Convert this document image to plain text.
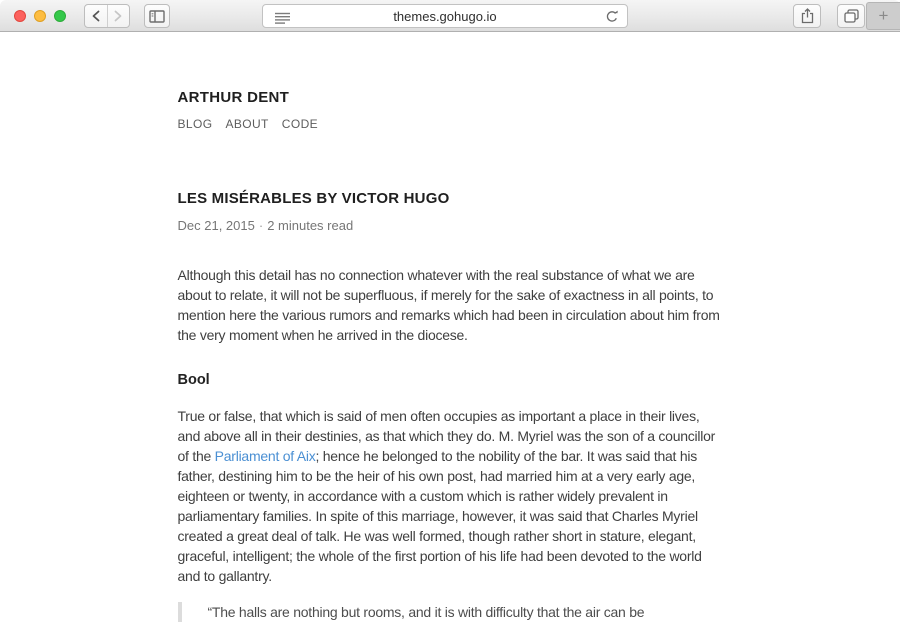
themes.gohugo.io	+
ARTHUR DENT
BLOG ABOUT CODE
LES MISÉRABLES BY VICTOR HUGO
Dec 21, 2015 · 2 minutes read

Although this detail has no connection whatever with the real substance of what we are about to relate, it will not be superfluous, if merely for the sake of exactness in all points, to mention here the various rumors and remarks which had been in circulation about him from the very moment when he arrived in the diocese.

Bool

True or false, that which is said of men often occupies as important a place in their lives, and above all in their destinies, as that which they do. M. Myriel was the son of a councillor of the Parliament of Aix; hence he belonged to the nobility of the bar. It was said that his father, destining him to be the heir of his own post, had married him at a very early age, eighteen or twenty, in accordance with a custom which is rather widely prevalent in parliamentary families. In spite of this marriage, however, it was said that Charles Myriel created a great deal of talk. He was well formed, though rather short in stature, elegant, graceful, intelligent; the whole of the first portion of his life had been devoted to the world and to gallantry.

“The halls are nothing but rooms, and it is with difficulty that the air can be
